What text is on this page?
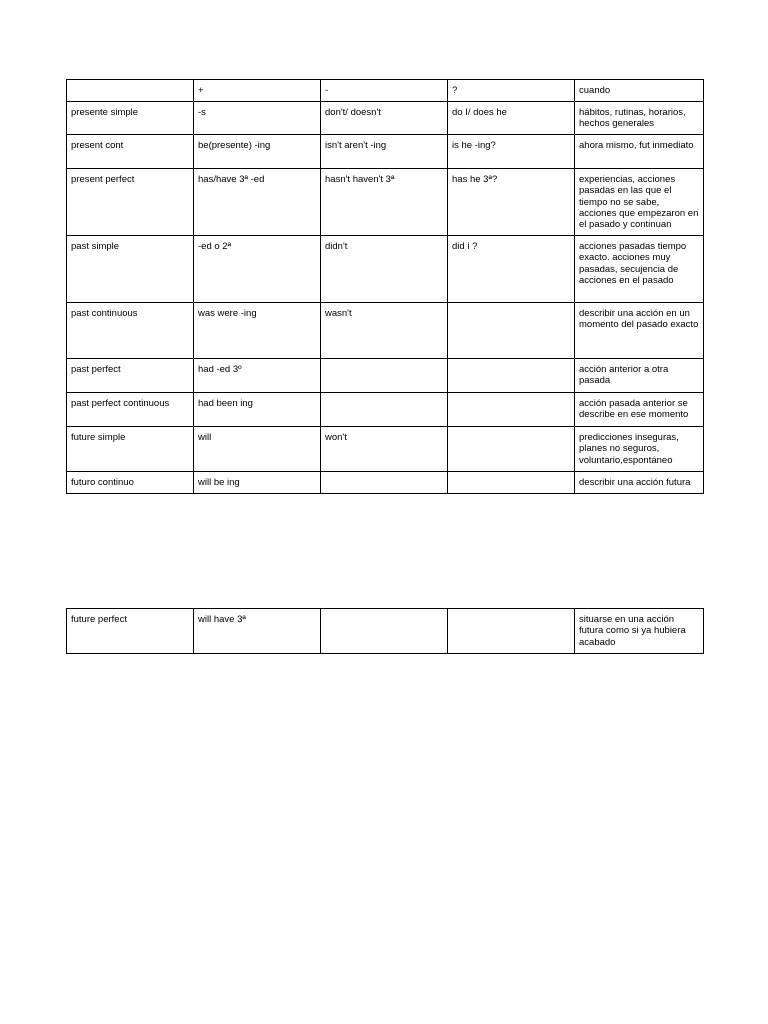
	+	-	?	cuando
presente simple	-s	don't/ doesn't	do I/ does he	hábitos, rutinas, horarios, hechos generales
present cont	be(presente) -ing	isn't aren't -ing	is he -ing?	ahora mismo, fut inmediato
present perfect	has/have 3ª -ed	hasn't haven't 3ª	has he 3ª?	experiencias, acciones pasadas en las que el tiempo no se sabe, acciones que empezaron en el pasado y continuan
past simple	-ed o 2ª	didn't	did i ?	acciones pasadas tiempo exacto. acciones muy pasadas, secujencia de acciones en el pasado
past continuous	was were -ing	wasn't		describir una acción en un momento del pasado exacto
past perfect	had -ed 3º			acción anterior a otra pasada
past perfect continuous	had been ing			acción pasada anterior se describe en ese momento
future simple	will	won't		predicciones inseguras, planes no seguros, voluntario,espontáneo
futuro continuo	will be ing			describir una acción futura
future perfect	will have 3ª			situarse en una acción futura como si ya hubiera acabado
